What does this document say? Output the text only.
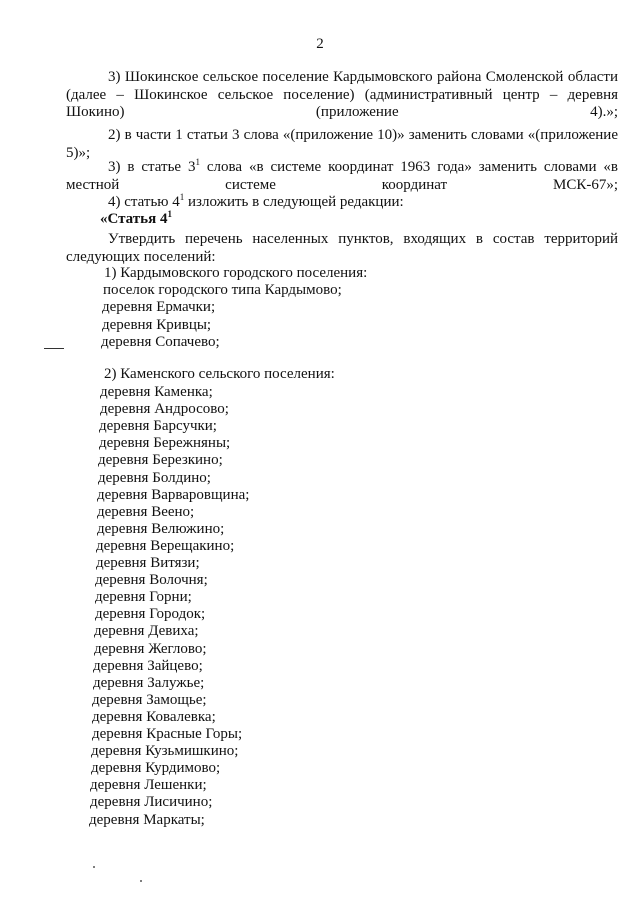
2
3) Шокинское сельское поселение Кардымовского района Смоленской области (далее – Шокинское сельское поселение) (административный центр – деревня Шокино) (приложение 4).»;
2) в части 1 статьи 3 слова «(приложение 10)» заменить словами «(приложение 5)»;
3) в статье $3^1$ слова «в системе координат 1963 года» заменить словами «в местной системе координат МСК-67»;
4) статью $4^1$ изложить в следующей редакции:
«Статья $4^1$
Утвердить перечень населенных пунктов, входящих в состав территорий следующих поселений:
1) Кардымовского городского поселения:
поселок городского типа Кардымово;
деревня Ермачки;
деревня Кривцы;
деревня Сопачево;
2) Каменского сельского поселения:
деревня Каменка;
деревня Андросово;
деревня Барсучки;
деревня Бережняны;
деревня Березкино;
деревня Болдино;
деревня Варваровщина;
деревня Веено;
деревня Велюжино;
деревня Верещакино;
деревня Витязи;
деревня Волочня;
деревня Горни;
деревня Городок;
деревня Девиха;
деревня Жеглово;
деревня Зайцево;
деревня Залужье;
деревня Замощье;
деревня Ковалевка;
деревня Красные Горы;
деревня Кузьмишкино;
деревня Курдимово;
деревня Лешенки;
деревня Лисичино;
деревня Маркаты;
